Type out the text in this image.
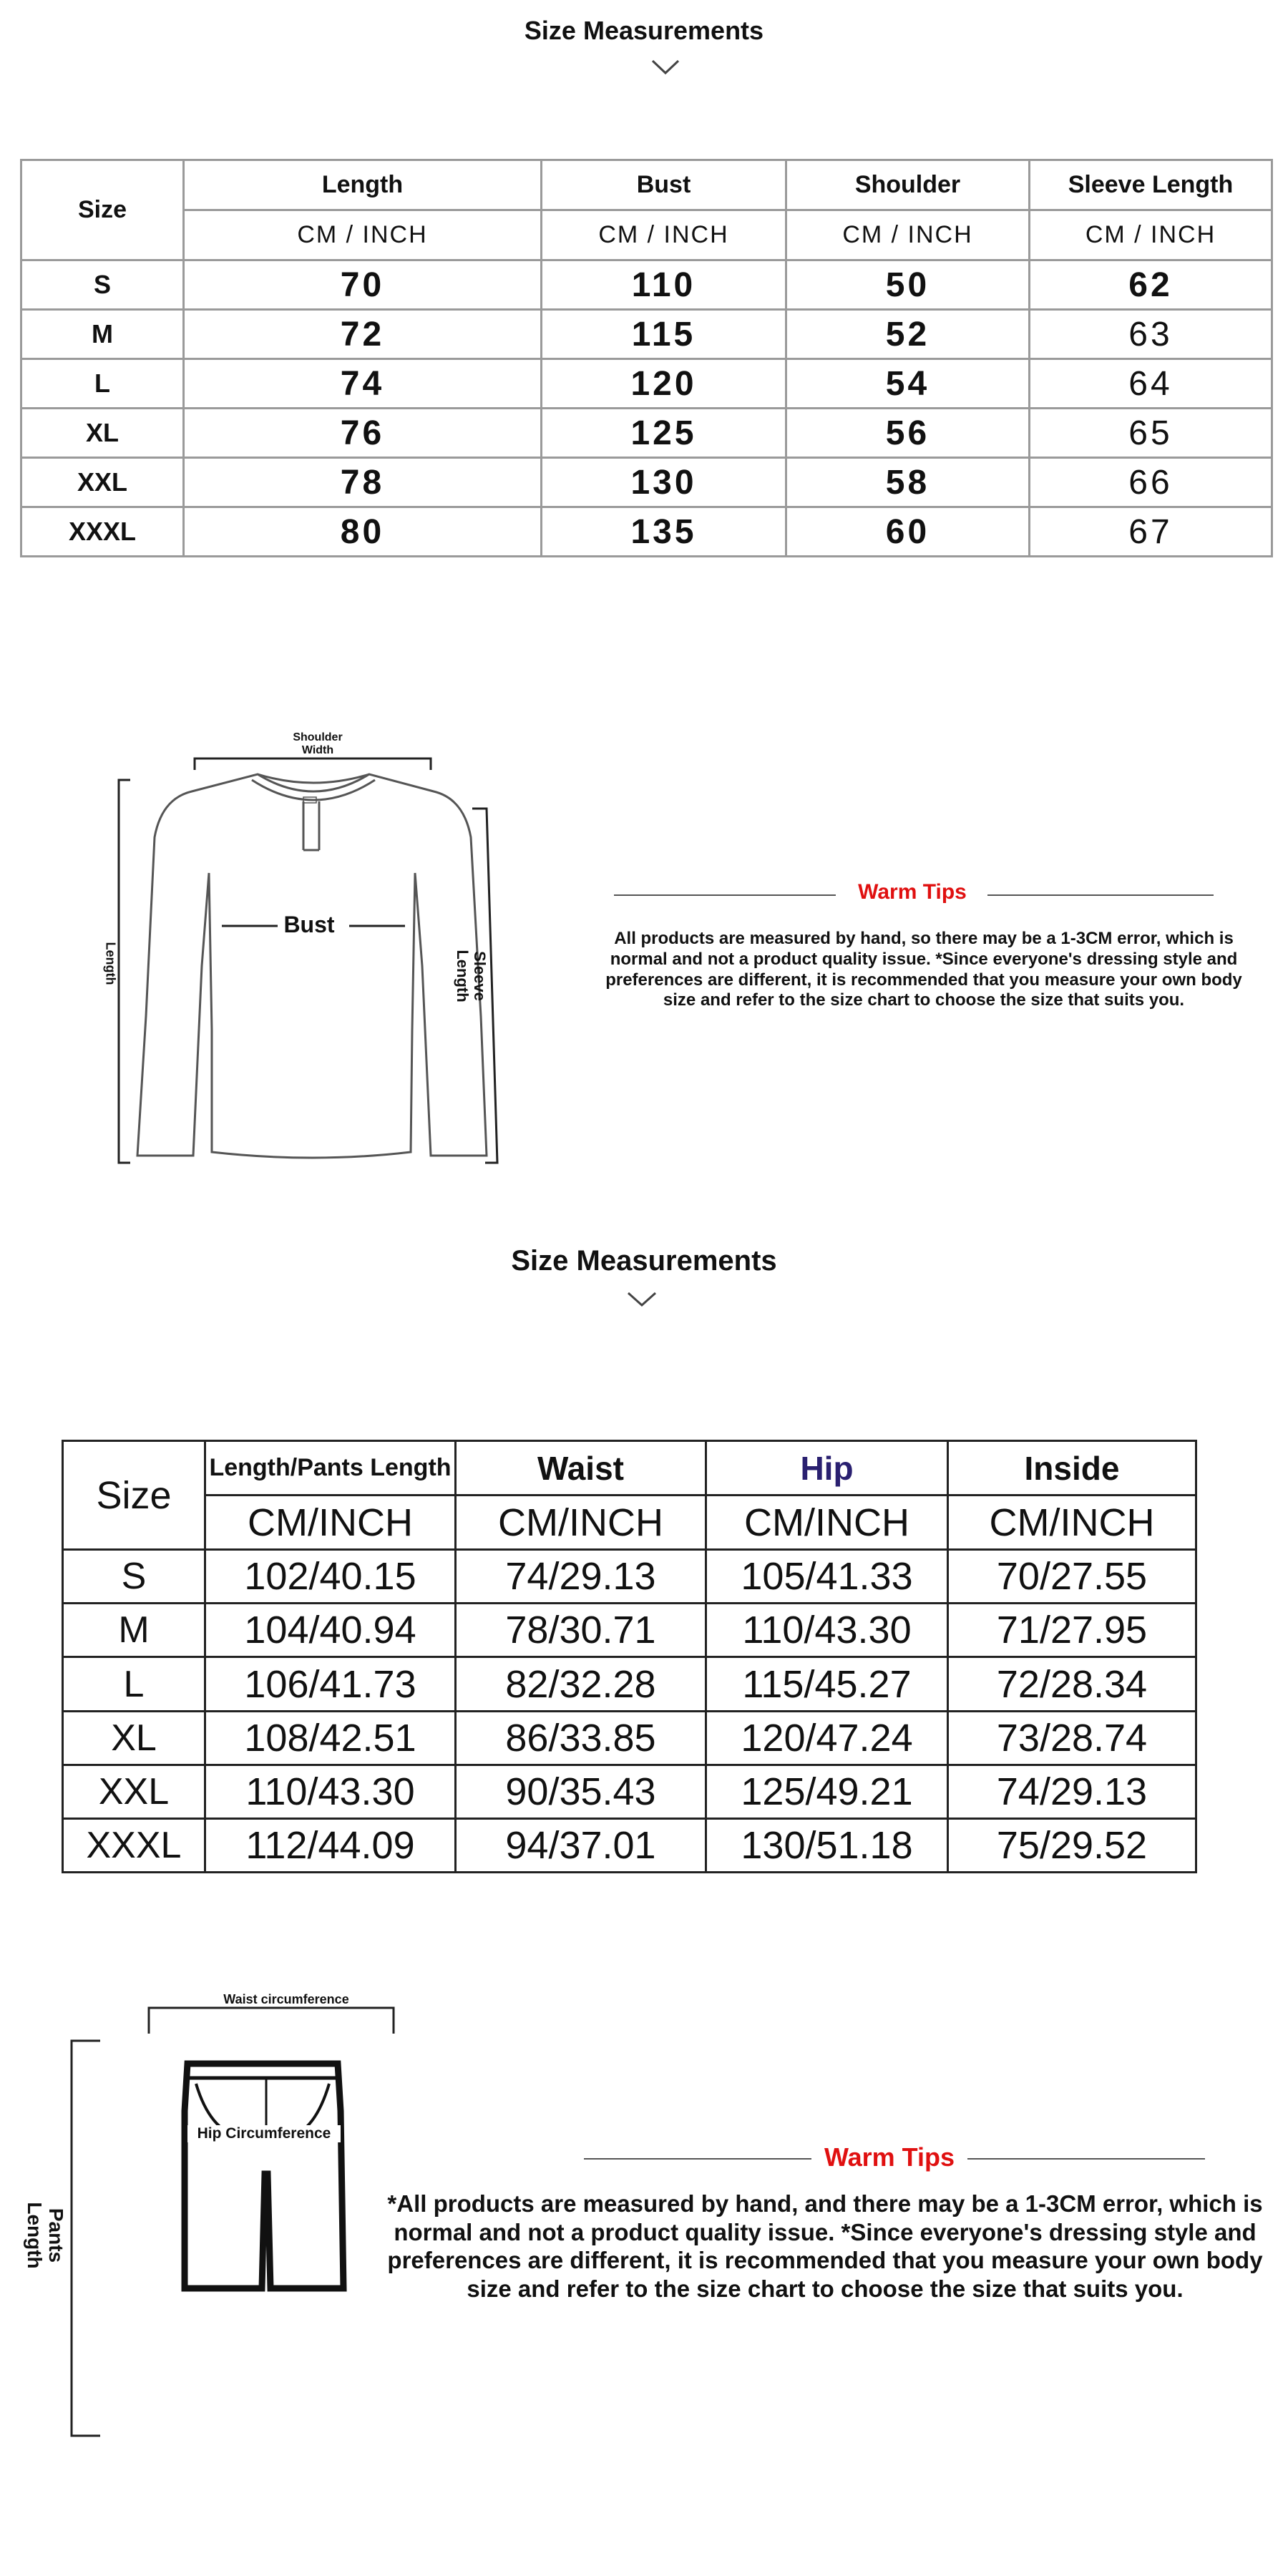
Size Measurements
Size	Length	Bust	Shoulder	Sleeve Length
	CM / INCH	CM / INCH	CM / INCH	CM / INCH
S	70	110	50	62
M	72	115	52	63
L	74	120	54	64
XL	76	125	56	65
XXL	78	130	58	66
XXXL	80	135	60	67
Shoulder
Width
Bust
Length	Sleeve
Length
Warm Tips
All products are measured by hand, so there may be a 1-3CM error, which is normal and not a product quality issue. *Since everyone's dressing style and preferences are different, it is recommended that you measure your own body size and refer to the size chart to choose the size that suits you.
Size Measurements
Size	Length/Pants Length	Waist	Hip	Inside
	CM/INCH	CM/INCH	CM/INCH	CM/INCH
S	102/40.15	74/29.13	105/41.33	70/27.55
M	104/40.94	78/30.71	110/43.30	71/27.95
L	106/41.73	82/32.28	115/45.27	72/28.34
XL	108/42.51	86/33.85	120/47.24	73/28.74
XXL	110/43.30	90/35.43	125/49.21	74/29.13
XXXL	112/44.09	94/37.01	130/51.18	75/29.52
Waist circumference
Hip Circumference
Pants
Length
Warm Tips
*All products are measured by hand, and there may be a 1-3CM error, which is normal and not a product quality issue. *Since everyone's dressing style and preferences are different, it is recommended that you measure your own body size and refer to the size chart to choose the size that suits you.
